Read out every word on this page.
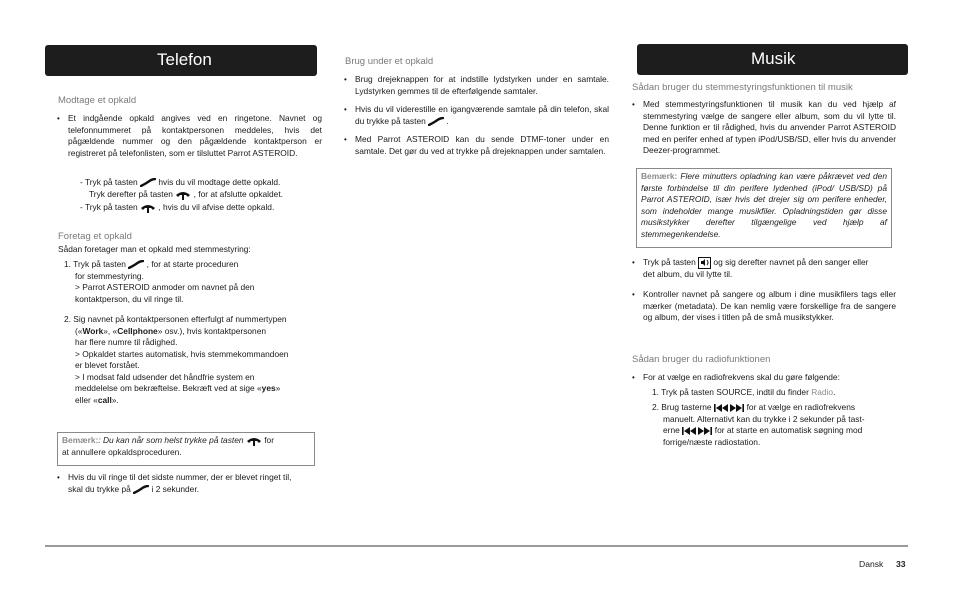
Telefon
Modtage et opkald
• Et indgående opkald angives ved en ringetone. Navnet og telefonnummeret på kontaktpersonen meddeles, hvis det pågældende nummer og den pågældende kontaktperson er registreret på telefonlisten, som er tilsluttet Parrot ASTEROID.
- Tryk på tasten hvis du vil modtage dette opkald.
Tryk derefter på tasten , for at afslutte opkaldet.
- Tryk på tasten , hvis du vil afvise dette opkald.
Foretag et opkald
Sådan foretager man et opkald med stemmestyring:
1. Tryk på tasten , for at starte proceduren
for stemmestyring.
> Parrot ASTEROID anmoder om navnet på den
kontaktperson, du vil ringe til.
2. Sig navnet på kontaktpersonen efterfulgt af nummertypen
(«Work», «Cellphone» osv.), hvis kontaktpersonen
har flere numre til rådighed.
> Opkaldet startes automatisk, hvis stemmekommandoen
er blevet forstået.
> I modsat fald udsender det håndfrie system en
meddelelse om bekræftelse. Bekræft ved at sige «yes»
eller «call».
Bemærk:: Du kan når som helst trykke på tasten for
at annullere opkaldsproceduren.
• Hvis du vil ringe til det sidste nummer, der er blevet ringet til,
skal du trykke på i 2 sekunder.
Brug under et opkald
• Brug drejeknappen for at indstille lydstyrken under en samtale. Lydstyrken gemmes til de efterfølgende samtaler.
• Hvis du vil viderestille en igangværende samtale på din telefon, skal du trykke på tasten .
• Med Parrot ASTEROID kan du sende DTMF-toner under en samtale. Det gør du ved at trykke på drejeknappen under samtalen.
Musik
Sådan bruger du stemmestyringsfunktionen til musik
• Med stemmestyringsfunktionen til musik kan du ved hjælp af stemmestyring vælge de sangere eller album, som du vil lytte til. Denne funktion er til rådighed, hvis du anvender Parrot ASTEROID med en perifer enhed af typen iPod/USB/SD, eller hvis du anvender Deezer-programmet.
Bemærk: Flere minutters opladning kan være påkrævet ved den første forbindelse til din perifere lydenhed (iPod/ USB/SD) på Parrot ASTEROID, især hvis det drejer sig om perifere enheder, som indeholder mange musikfiler. Opladningstiden gør disse musikstykker derefter tilgængelige ved hjælp af stemmegenkendelse.
• Tryk på tasten og sig derefter navnet på den sanger eller
det album, du vil lytte til.
• Kontroller navnet på sangere og album i dine musikfilers tags eller mærker (metadata). De kan nemlig være forskellige fra de sangere og album, der vises i titlen på de små musikstykker.
Sådan bruger du radiofunktionen
• For at vælge en radiofrekvens skal du gøre følgende:
1. Tryk på tasten SOURCE, indtil du finder Radio.
2. Brug tasterne	for at vælge en radiofrekvens
manuelt. Alternativt kan du trykke i 2 sekunder på tast-
erne	for at starte en automatisk søgning mod
forrige/næste radiostation.
Dansk 33
